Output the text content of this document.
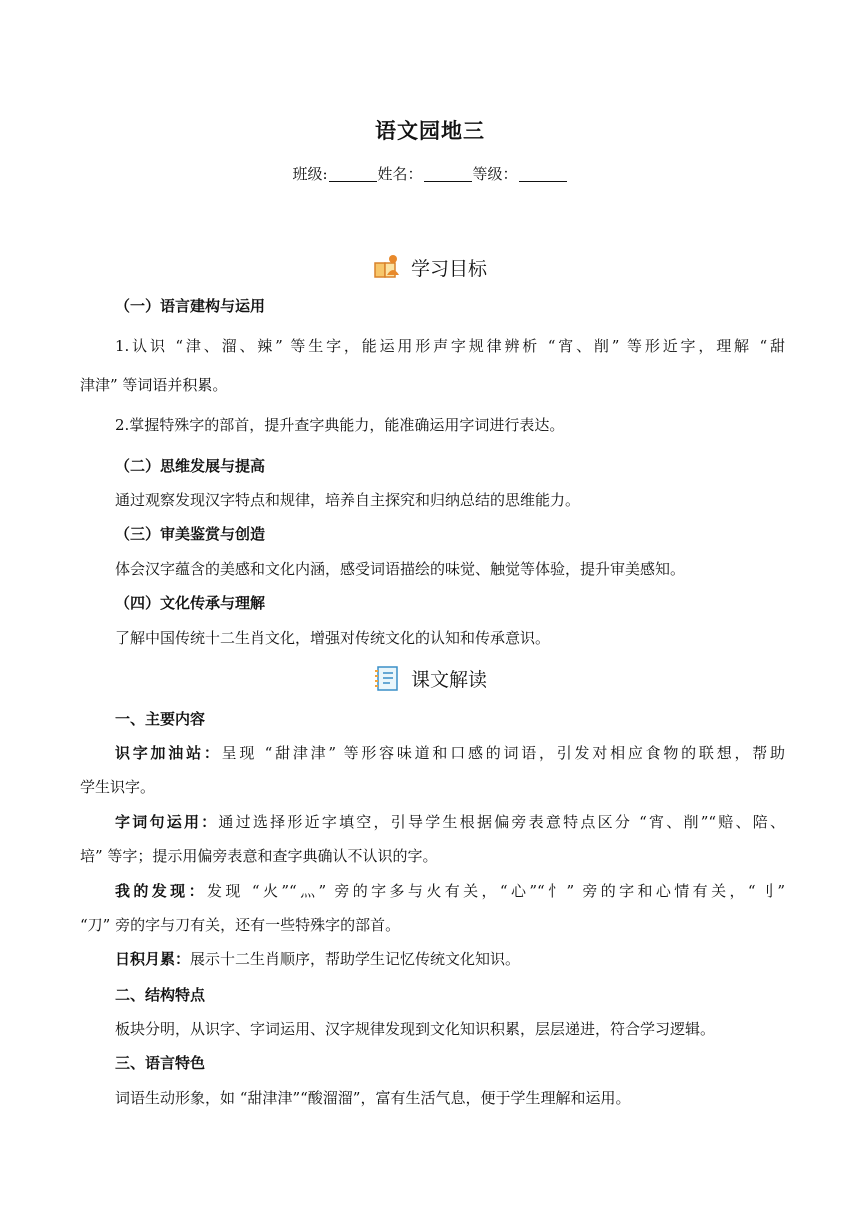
语文园地三
班级:	姓名：	等级：
学习目标
（一）语言建构与运用
1.认识 “津、溜、辣” 等生字，能运用形声字规律辨析 “宵、削” 等形近字，理解 “甜
津津” 等词语并积累。
2.掌握特殊字的部首，提升查字典能力，能准确运用字词进行表达。
（二）思维发展与提高
通过观察发现汉字特点和规律，培养自主探究和归纳总结的思维能力。
（三）审美鉴赏与创造
体会汉字蕴含的美感和文化内涵，感受词语描绘的味觉、触觉等体验，提升审美感知。
（四）文化传承与理解
了解中国传统十二生肖文化，增强对传统文化的认知和传承意识。
课文解读
一、主要内容
识字加油站：呈现 “甜津津” 等形容味道和口感的词语，引发对相应食物的联想，帮助
学生识字。
字词句运用：通过选择形近字填空，引导学生根据偏旁表意特点区分 “宵、削”“赔、陪、
培” 等字；提示用偏旁表意和查字典确认不认识的字。
我的发现：发现 “火”“灬” 旁的字多与火有关，“心”“忄” 旁的字和心情有关，“刂”
“刀” 旁的字与刀有关，还有一些特殊字的部首。
日积月累：展示十二生肖顺序，帮助学生记忆传统文化知识。
二、结构特点
板块分明，从识字、字词运用、汉字规律发现到文化知识积累，层层递进，符合学习逻辑。
三、语言特色
词语生动形象，如 “甜津津”“酸溜溜”，富有生活气息，便于学生理解和运用。
